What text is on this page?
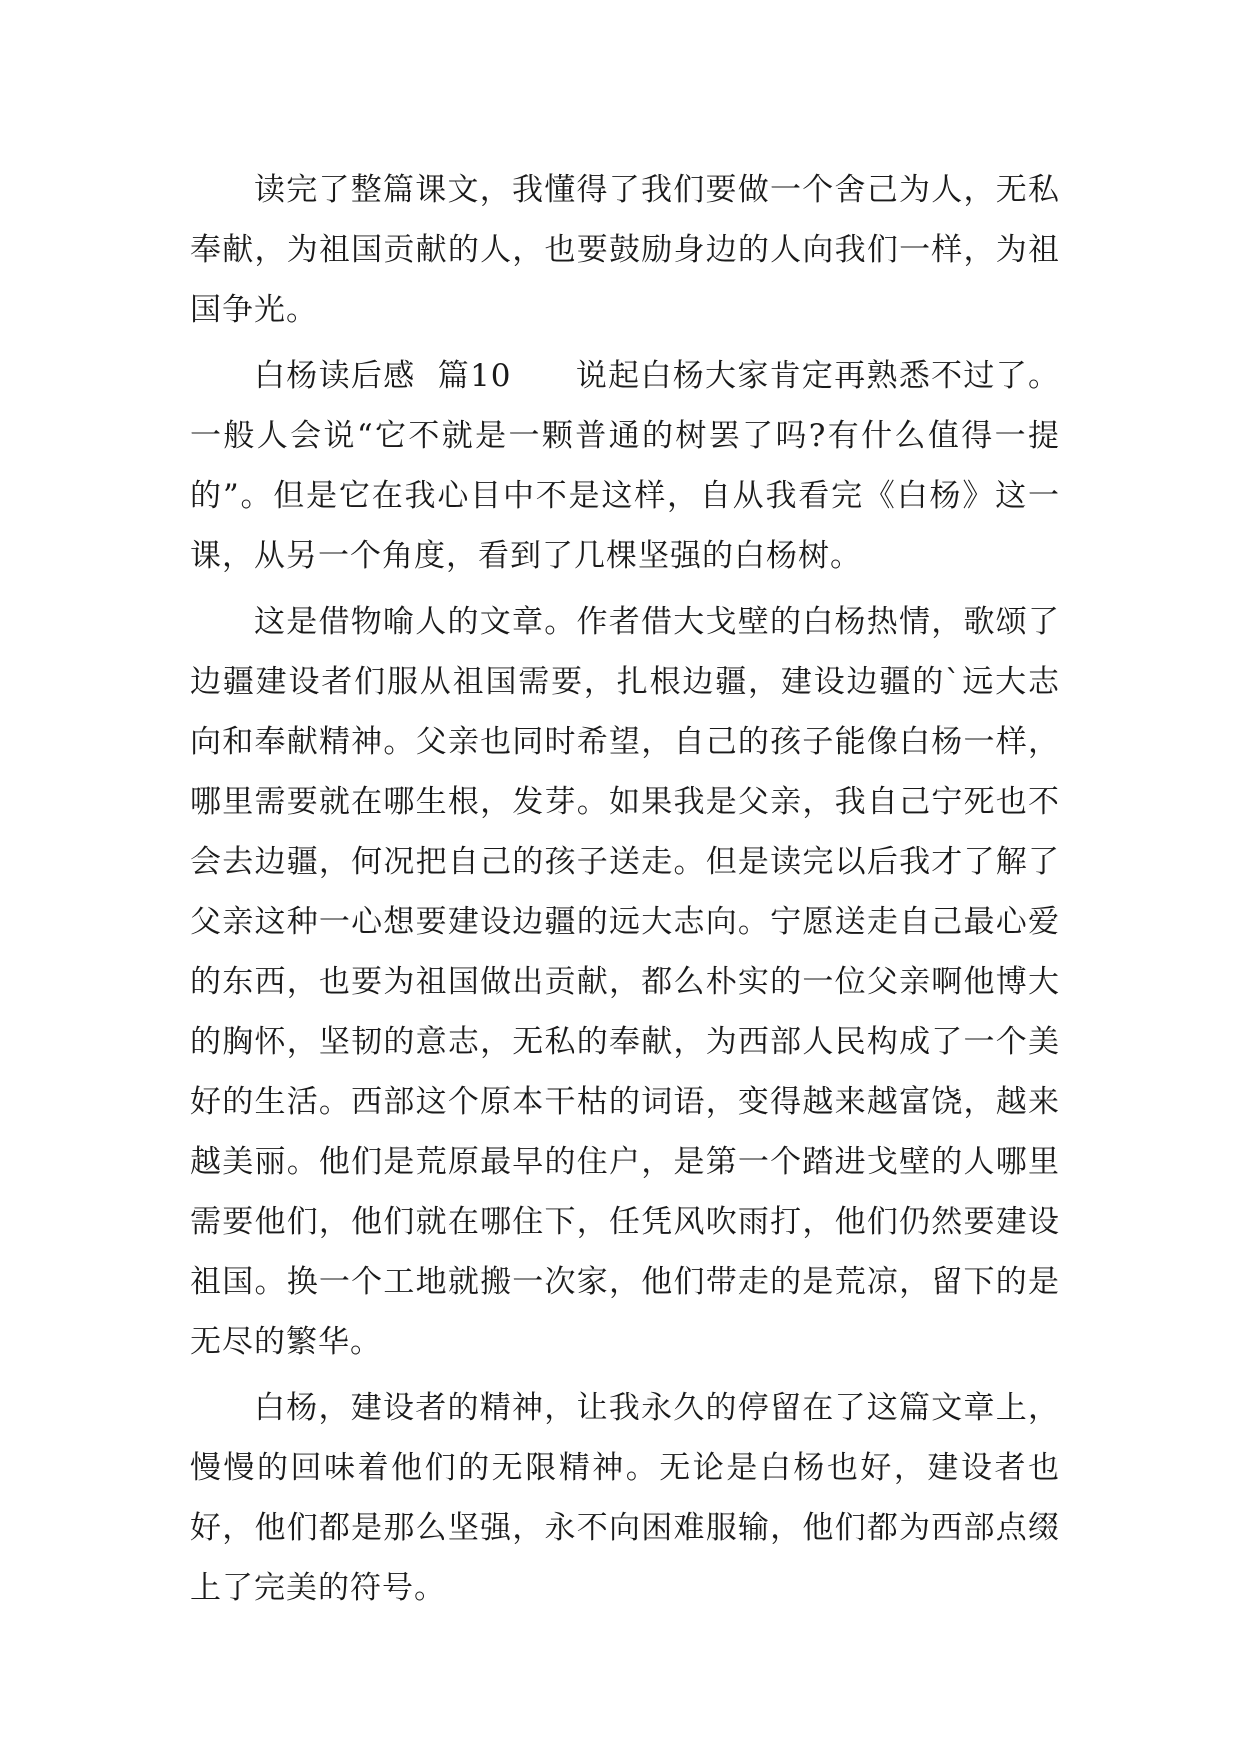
读完了整篇课文，我懂得了我们要做一个舍己为人，无私奉献，为祖国贡献的人，也要鼓励身边的人向我们一样，为祖国争光。

白杨读后感  篇10 说起白杨大家肯定再熟悉不过了。一般人会说“它不就是一颗普通的树罢了吗?有什么值得一提的”。但是它在我心目中不是这样，自从我看完《白杨》这一课，从另一个角度，看到了几棵坚强的白杨树。

这是借物喻人的文章。作者借大戈壁的白杨热情，歌颂了边疆建设者们服从祖国需要，扎根边疆，建设边疆的`远大志向和奉献精神。父亲也同时希望，自己的孩子能像白杨一样，哪里需要就在哪生根，发芽。如果我是父亲，我自己宁死也不会去边疆，何况把自己的孩子送走。但是读完以后我才了解了父亲这种一心想要建设边疆的远大志向。宁愿送走自己最心爱的东西，也要为祖国做出贡献，都么朴实的一位父亲啊他博大的胸怀，坚韧的意志，无私的奉献，为西部人民构成了一个美好的生活。西部这个原本干枯的词语，变得越来越富饶，越来越美丽。他们是荒原最早的住户，是第一个踏进戈壁的人哪里需要他们，他们就在哪住下，任凭风吹雨打，他们仍然要建设祖国。换一个工地就搬一次家，他们带走的是荒凉，留下的是无尽的繁华。

白杨，建设者的精神，让我永久的停留在了这篇文章上，慢慢的回味着他们的无限精神。无论是白杨也好，建设者也好，他们都是那么坚强，永不向困难服输，他们都为西部点缀上了完美的符号。
